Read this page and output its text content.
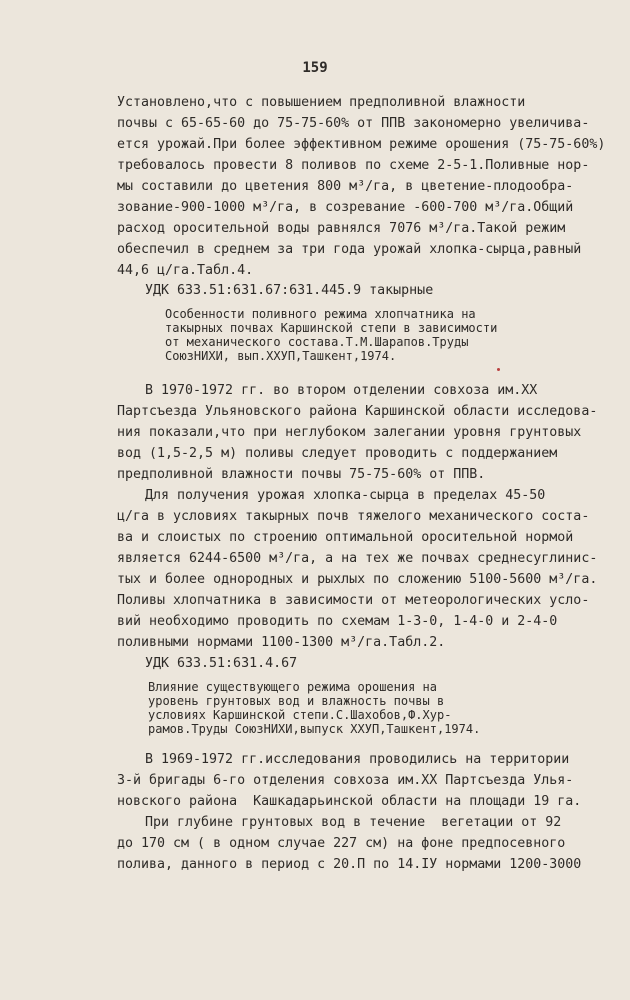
159
Установлено,что с повышением предполивной влажности
почвы с 65-65-60 до 75-75-60% от ППВ закономерно увеличива-
ется урожай.При более эффективном режиме орошения (75-75-60%)
требовалось провести 8 поливов по схеме 2-5-1.Поливные нор-
мы составили до цветения 800 м³/га, в цветение-плодообра-
зование-900-1000 м³/га, в созревание -600-700 м³/га.Общий
расход оросительной воды равнялся 7076 м³/га.Такой режим
обеспечил в среднем за три года урожай хлопка-сырца,равный
44,6 ц/га.Табл.4.
УДК 633.51:631.67:631.445.9 такырные
Особенности поливного режима хлопчатника на
такырных почвах Каршинской степи в зависимости
от механического состава.Т.М.Шарапов.Труды
СоюзНИХИ, вып.XXУП,Ташкент,1974.
В 1970-1972 гг. во втором отделении совхоза им.XX
Партсъезда Ульяновского района Каршинской области исследова-
ния показали,что при неглубоком залегании уровня грунтовых
вод (1,5-2,5 м) поливы следует проводить с поддержанием
предполивной влажности почвы 75-75-60% от ППВ.
Для получения урожая хлопка-сырца в пределах 45-50
ц/га в условиях такырных почв тяжелого механического соста-
ва и слоистых по строению оптимальной оросительной нормой
является 6244-6500 м³/га, а на тех же почвах среднесуглинис-
тых и более однородных и рыхлых по сложению 5100-5600 м³/га.
Поливы хлопчатника в зависимости от метеорологических усло-
вий необходимо проводить по схемам 1-3-0, 1-4-0 и 2-4-0
поливными нормами 1100-1300 м³/га.Табл.2.
УДК 633.51:631.4.67
Влияние существующего режима орошения на
уровень грунтовых вод и влажность почвы в
условиях Каршинской степи.С.Шахобов,Ф.Хур-
рамов.Труды СоюзНИХИ,выпуск XXУП,Ташкент,1974.
В 1969-1972 гг.исследования проводились на территории
3-й бригады 6-го отделения совхоза им.XX Партсъезда Улья-
новского района  Кашкадарьинской области на площади 19 га.
При глубине грунтовых вод в течение  вегетации от 92
до 170 см ( в одном случае 227 см) на фоне предпосевного
полива, данного в период с 20.П по 14.IУ нормами 1200-3000
